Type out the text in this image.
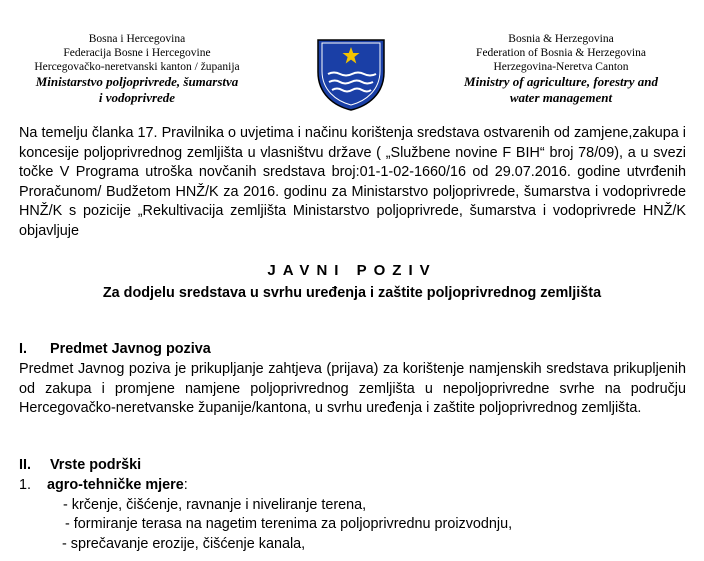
Bosna i Hercegovina
Federacija Bosne i Hercegovine
Hercegovačko-neretvanski kanton / županija
Ministarstvo poljoprivrede, šumarstva
i vodoprivrede
Bosnia & Herzegovina
Federation of Bosnia & Herzegovina
Herzegovina-Neretva Canton
Ministry of agriculture, forestry and
water management
Na temelju članka 17. Pravilnika o uvjetima i načinu korištenja sredstava ostvarenih od zamjene,zakupa i koncesije poljoprivrednog zemljišta u vlasništvu države ( „Službene novine F BIH“ broj 78/09), a u svezi točke V Programa utroška novčanih sredstava broj:01-1-02-1660/16 od 29.07.2016. godine utvrđenih Proračunom/ Budžetom HNŽ/K za 2016. godinu za Ministarstvo poljoprivrede, šumarstva i vodoprivrede HNŽ/K s pozicije „Rekultivacija zemljišta Ministarstvo poljoprivrede, šumarstva i vodoprivrede HNŽ/K objavljuje
JAVNI POZIV
Za dodjelu sredstava u svrhu uređenja i zaštite poljoprivrednog zemljišta
I. Predmet Javnog poziva
Predmet Javnog poziva je prikupljanje zahtjeva (prijava) za korištenje namjenskih sredstava prikupljenih od zakupa i promjene namjene poljoprivrednog zemljišta u nepoljoprivredne svrhe na području Hercegovačko-neretvanske županije/kantona, u svrhu uređenja i zaštite poljoprivrednog zemljišta.
II. Vrste podrški
1. agro-tehničke mjere:
- krčenje, čišćenje, ravnanje i niveliranje terena,
- formiranje terasa na nagetim terenima za poljoprivrednu proizvodnju,
- sprečavanje erozije, čišćenje kanala,
